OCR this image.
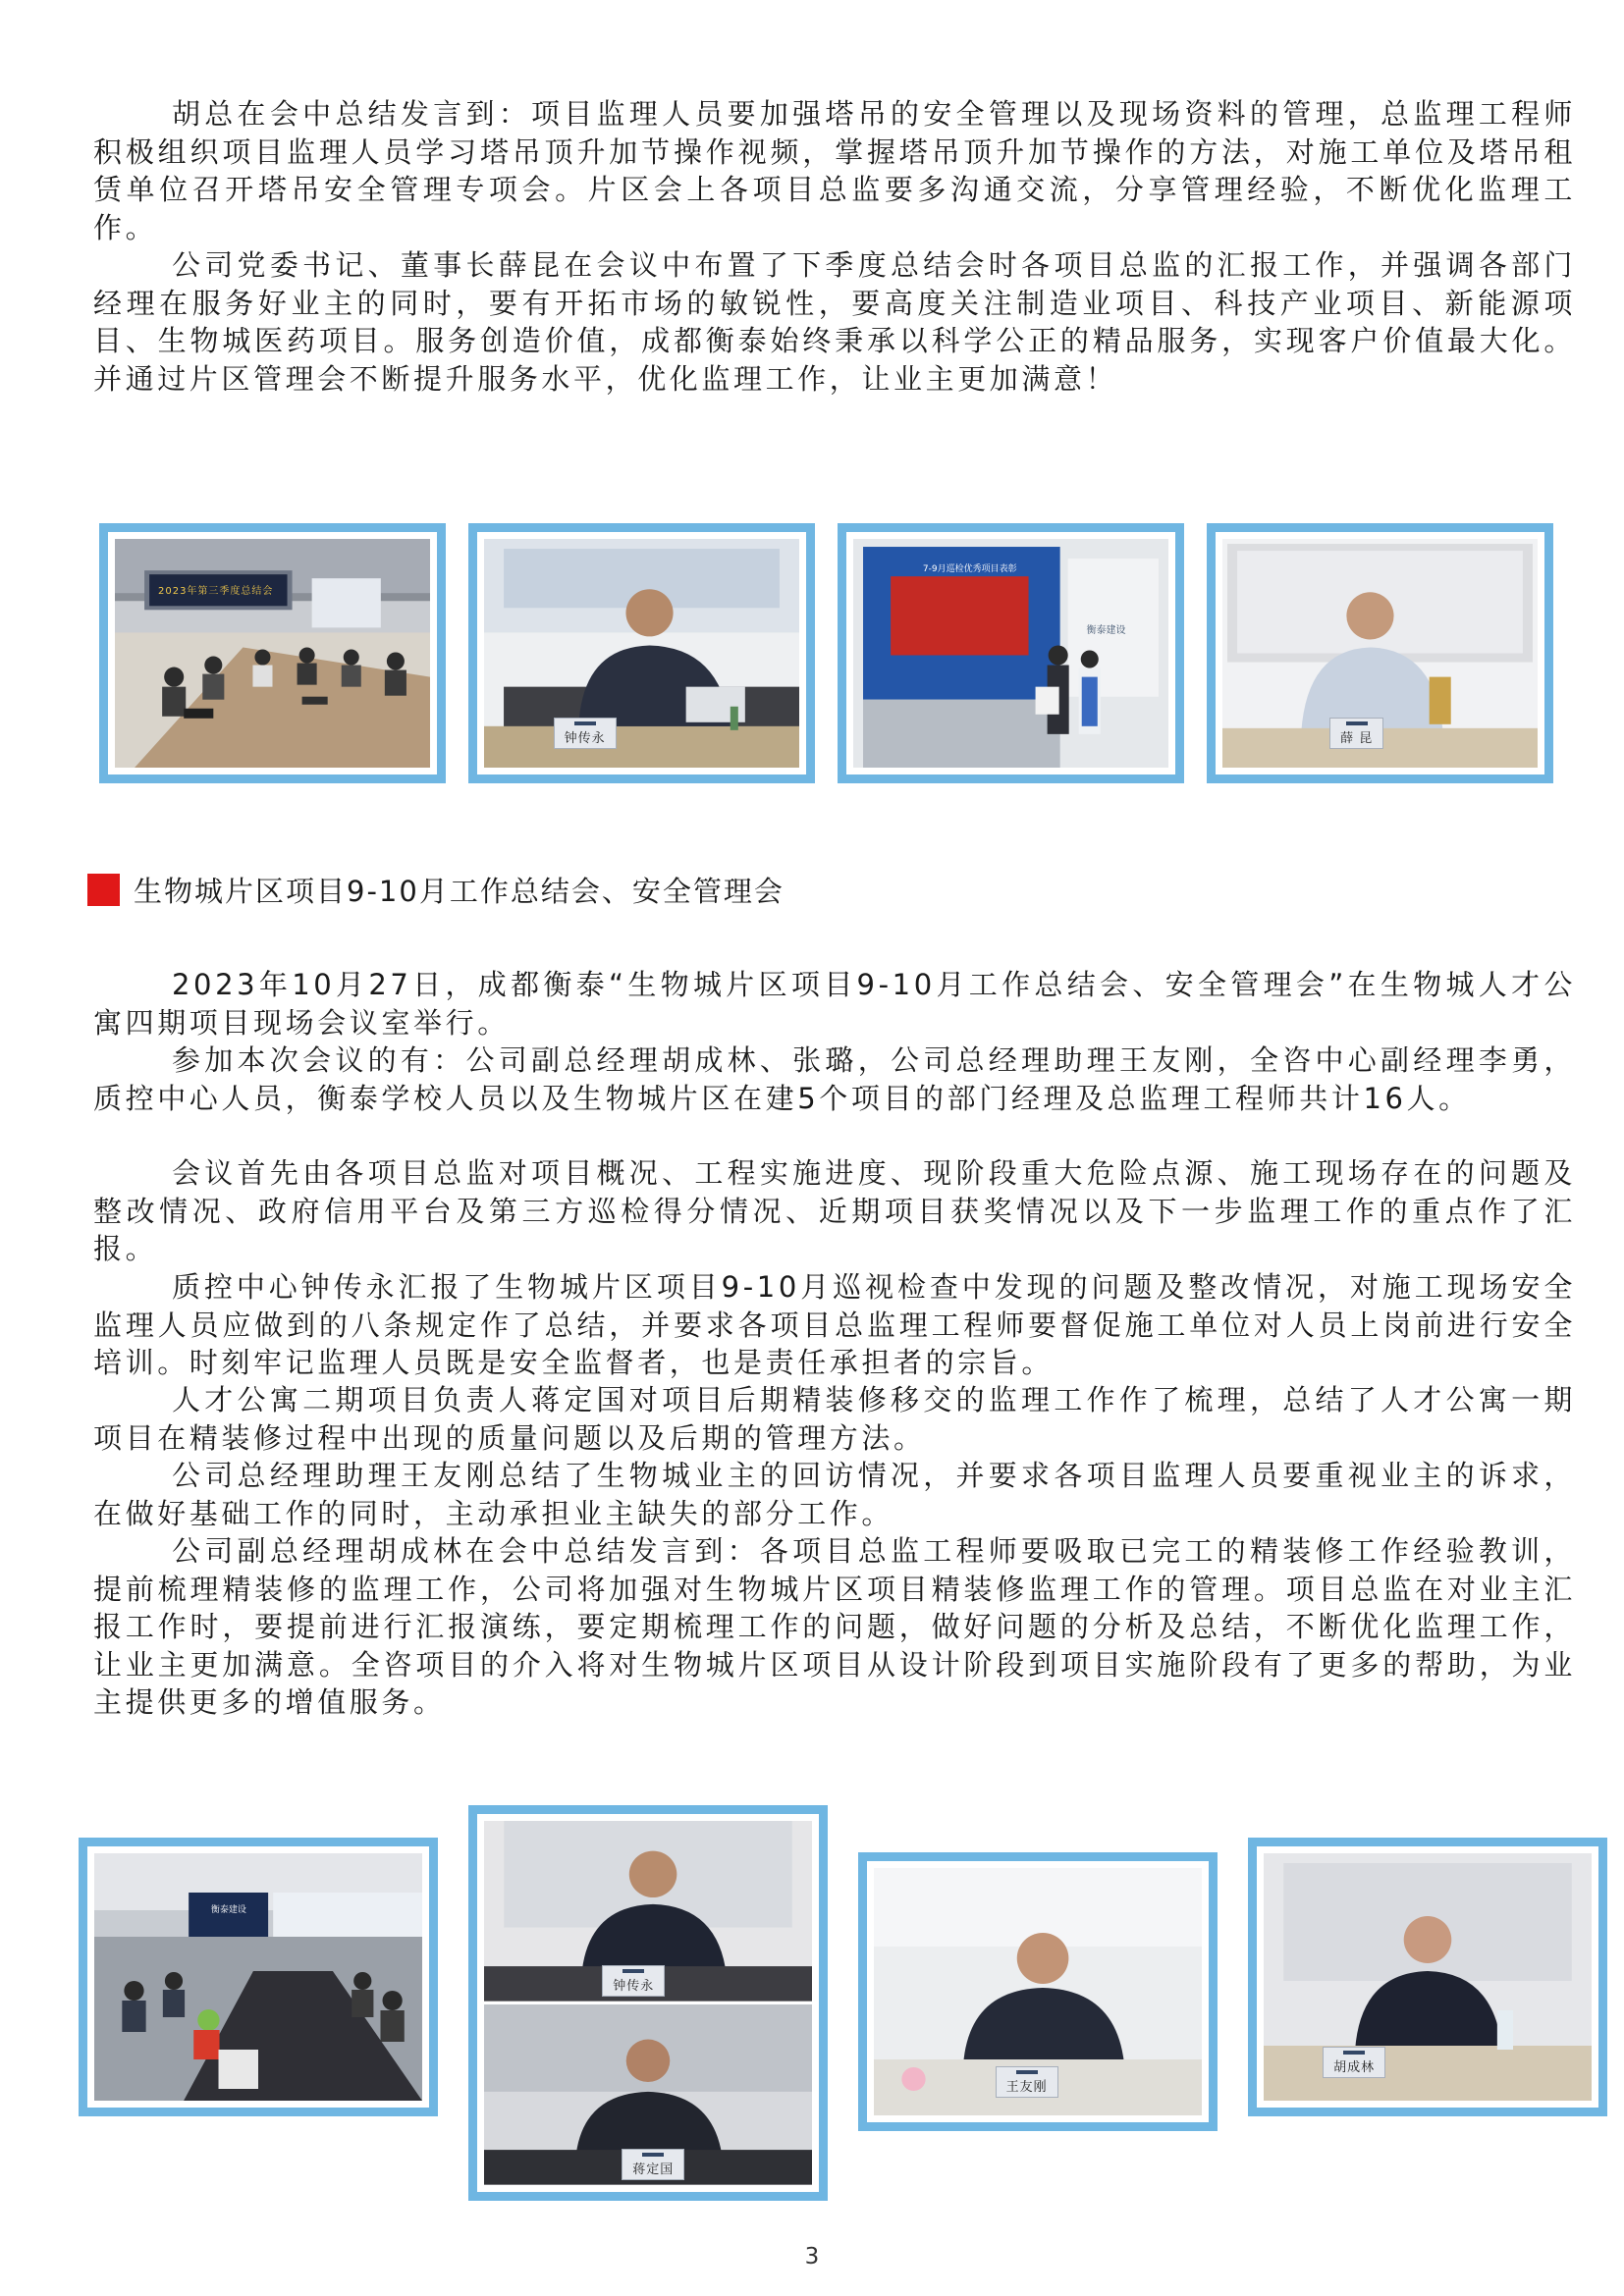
胡总在会中总结发言到：项目监理人员要加强塔吊的安全管理以及现场资料的管理，总监理工程师积极组织项目监理人员学习塔吊顶升加节操作视频，掌握塔吊顶升加节操作的方法，对施工单位及塔吊租赁单位召开塔吊安全管理专项会。片区会上各项目总监要多沟通交流，分享管理经验，不断优化监理工作。

公司党委书记、董事长薛昆在会议中布置了下季度总结会时各项目总监的汇报工作，并强调各部门经理在服务好业主的同时，要有开拓市场的敏锐性，要高度关注制造业项目、科技产业项目、新能源项目、生物城医药项目。服务创造价值，成都衡泰始终秉承以科学公正的精品服务，实现客户价值最大化。并通过片区管理会不断提升服务水平，优化监理工作，让业主更加满意！

2023年第三季度总结会
钟传永
7-9月巡检优秀项目表彰
衡泰建设
薛 昆
生物城片区项目9-10月工作总结会、安全管理会

2023年10月27日，成都衡泰“生物城片区项目9-10月工作总结会、安全管理会”在生物城人才公寓四期项目现场会议室举行。

参加本次会议的有：公司副总经理胡成林、张璐，公司总经理助理王友刚，全咨中心副经理李勇，质控中心人员，衡泰学校人员以及生物城片区在建5个项目的部门经理及总监理工程师共计16人。

会议首先由各项目总监对项目概况、工程实施进度、现阶段重大危险点源、施工现场存在的问题及整改情况、政府信用平台及第三方巡检得分情况、近期项目获奖情况以及下一步监理工作的重点作了汇报。

质控中心钟传永汇报了生物城片区项目9-10月巡视检查中发现的问题及整改情况，对施工现场安全监理人员应做到的八条规定作了总结，并要求各项目总监理工程师要督促施工单位对人员上岗前进行安全培训。时刻牢记监理人员既是安全监督者，也是责任承担者的宗旨。

人才公寓二期项目负责人蒋定国对项目后期精装修移交的监理工作作了梳理，总结了人才公寓一期项目在精装修过程中出现的质量问题以及后期的管理方法。

公司总经理助理王友刚总结了生物城业主的回访情况，并要求各项目监理人员要重视业主的诉求，在做好基础工作的同时，主动承担业主缺失的部分工作。

公司副总经理胡成林在会中总结发言到：各项目总监工程师要吸取已完工的精装修工作经验教训，提前梳理精装修的监理工作，公司将加强对生物城片区项目精装修监理工作的管理。项目总监在对业主汇报工作时，要提前进行汇报演练，要定期梳理工作的问题，做好问题的分析及总结，不断优化监理工作，让业主更加满意。全咨项目的介入将对生物城片区项目从设计阶段到项目实施阶段有了更多的帮助，为业主提供更多的增值服务。

衡泰建设
钟传永
蒋定国
王友刚
胡成林
3
